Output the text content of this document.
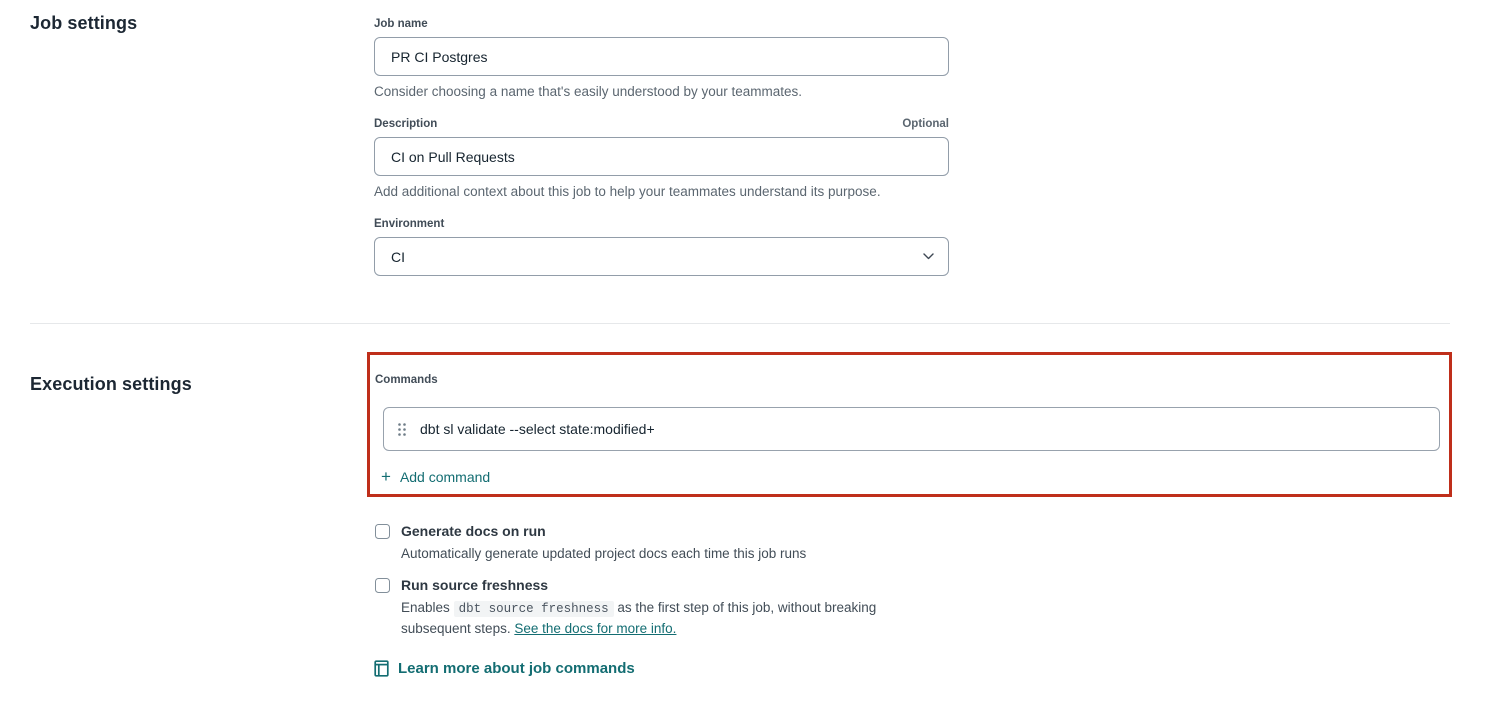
Job settings	Job name
PR CI Postgres

Consider choosing a name that's easily understood by your teammates.

Description	Optional
CI on Pull Requests

Add additional context about this job to help your teammates understand its purpose.

Environment
CI
Execution settings	Commands
dbt sl validate --select state:modified+
+ Add command
Generate docs on run
Automatically generate updated project docs each time this job runs
Run source freshness
Enables dbt source freshness as the first step of this job, without breaking subsequent steps. See the docs for more info.
Learn more about job commands
